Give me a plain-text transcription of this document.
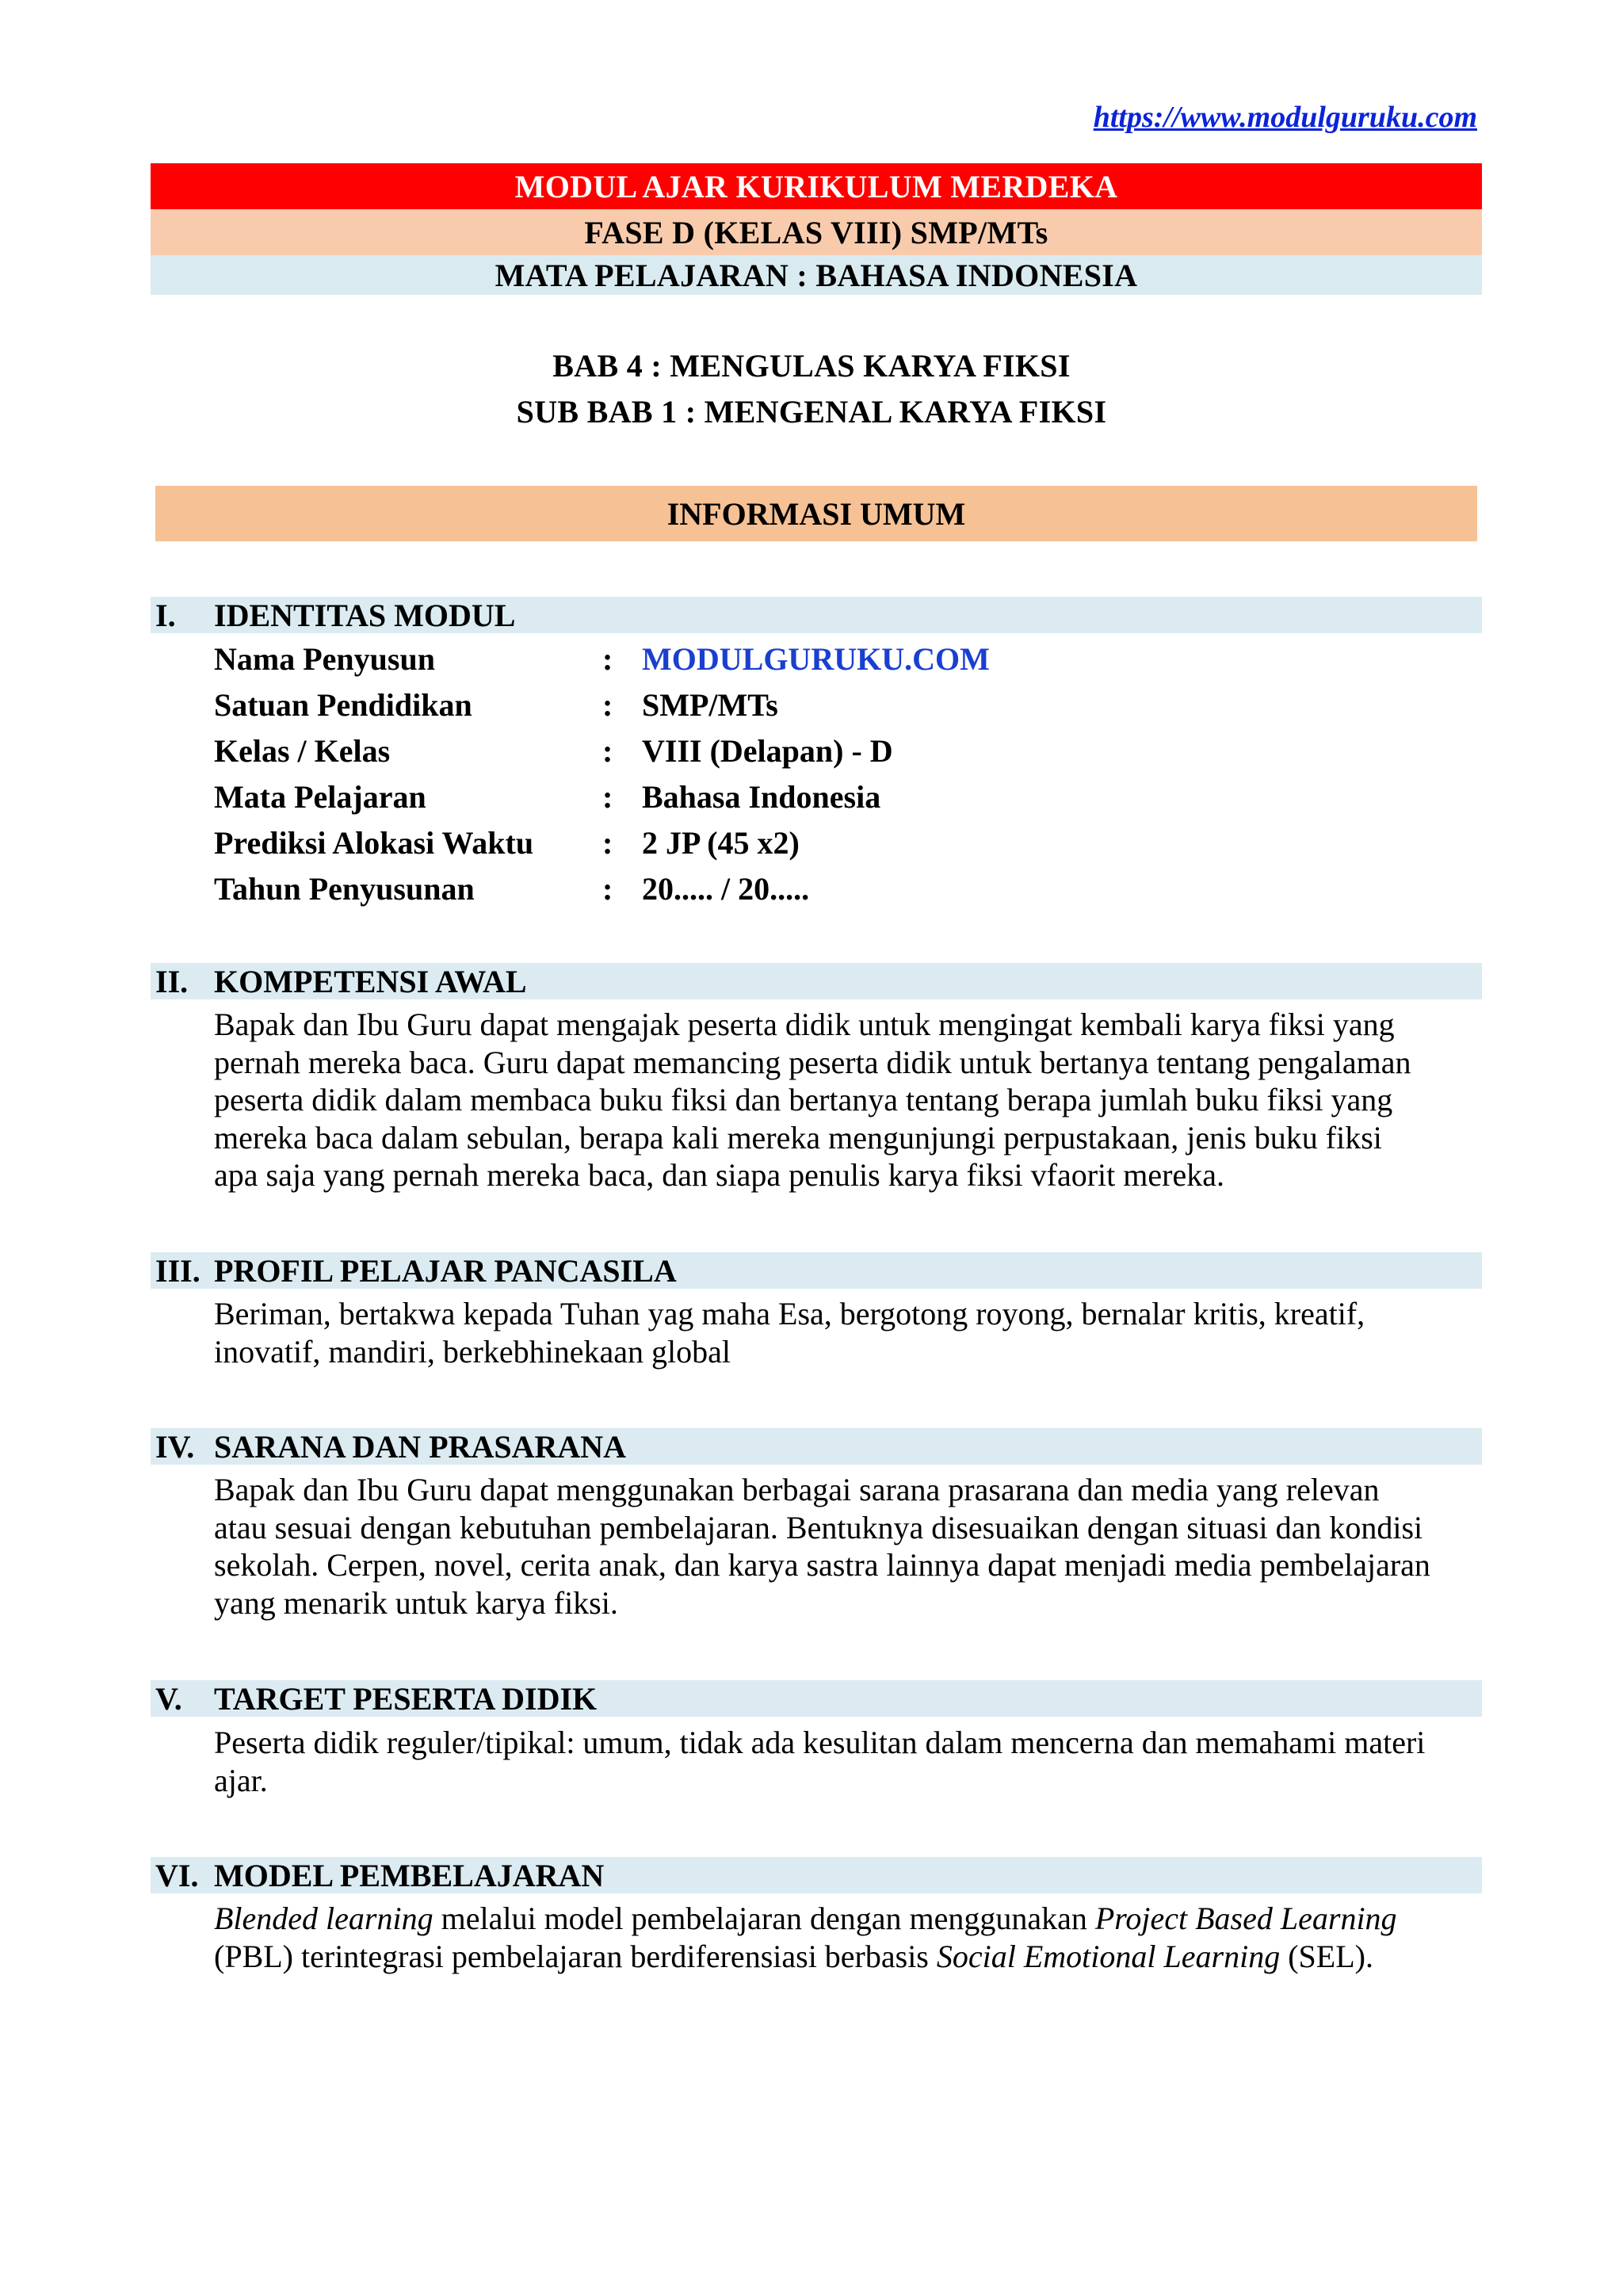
https://www.modulguruku.com
MODUL AJAR KURIKULUM MERDEKA
FASE D (KELAS VIII) SMP/MTs
MATA PELAJARAN : BAHASA INDONESIA
BAB 4 : MENGULAS KARYA FIKSI
SUB BAB 1 : MENGENAL KARYA FIKSI
INFORMASI UMUM
I. IDENTITAS MODUL
Nama Penyusun	: MODULGURUKU.COM
Satuan Pendidikan	: SMP/MTs
Kelas / Kelas	: VIII (Delapan) - D
Mata Pelajaran	: Bahasa Indonesia
Prediksi Alokasi Waktu : 2 JP (45 x2)
Tahun Penyusunan	: 20..... / 20.....
II. KOMPETENSI AWAL

Bapak dan Ibu Guru dapat mengajak peserta didik untuk mengingat kembali karya fiksi yang

pernah mereka baca. Guru dapat memancing peserta didik untuk bertanya tentang pengalaman

peserta didik dalam membaca buku fiksi dan bertanya tentang berapa jumlah buku fiksi yang

mereka baca dalam sebulan, berapa kali mereka mengunjungi perpustakaan, jenis buku fiksi

apa saja yang pernah mereka baca, dan siapa penulis karya fiksi vfaorit mereka.

III. PROFIL PELAJAR PANCASILA

Beriman, bertakwa kepada Tuhan yag maha Esa, bergotong royong, bernalar kritis, kreatif,

inovatif, mandiri, berkebhinekaan global

IV. SARANA DAN PRASARANA

Bapak dan Ibu Guru dapat menggunakan berbagai sarana prasarana dan media yang relevan

atau sesuai dengan kebutuhan pembelajaran. Bentuknya disesuaikan dengan situasi dan kondisi

sekolah. Cerpen, novel, cerita anak, dan karya sastra lainnya dapat menjadi media pembelajaran

yang menarik untuk karya fiksi.

V. TARGET PESERTA DIDIK

Peserta didik reguler/tipikal: umum, tidak ada kesulitan dalam mencerna dan memahami materi

ajar.

VI. MODEL PEMBELAJARAN

Blended learning melalui model pembelajaran dengan menggunakan Project Based Learning

(PBL) terintegrasi pembelajaran berdiferensiasi berbasis Social Emotional Learning (SEL).
